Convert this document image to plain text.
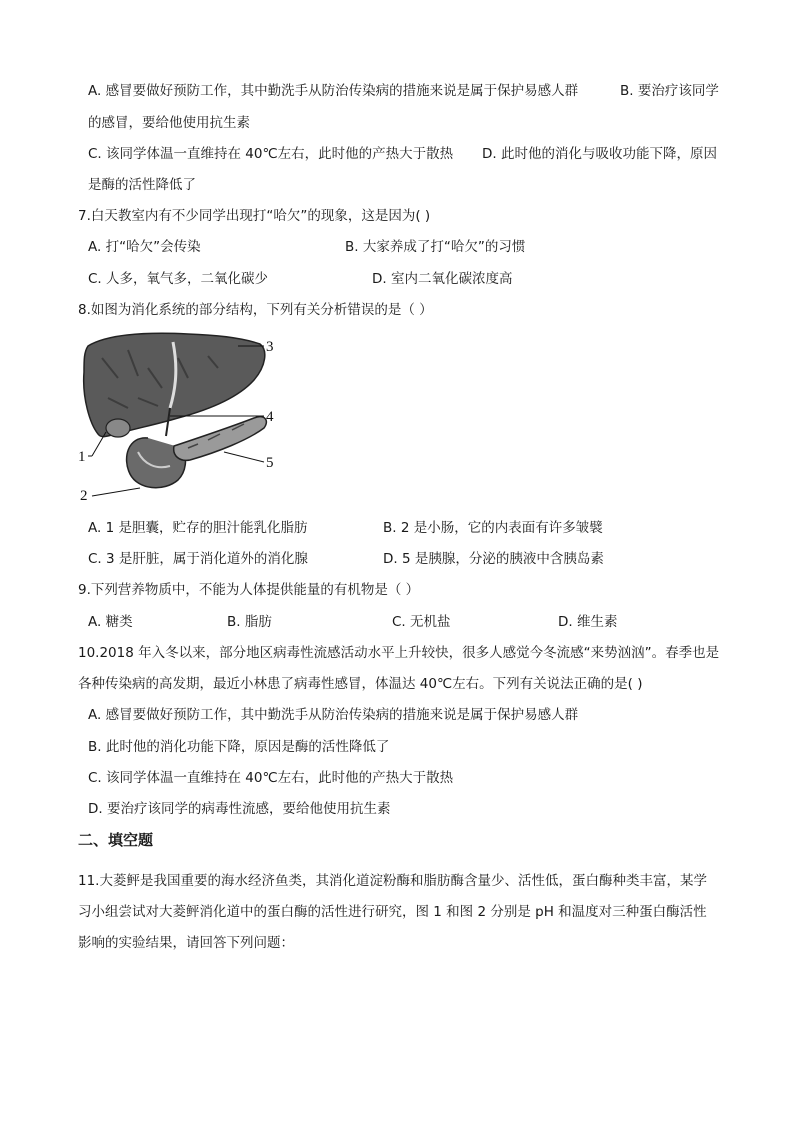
A. 感冒要做好预防工作，其中勤洗手从防治传染病的措施来说是属于保护易感人群	B. 要治疗该同学
的感冒，要给他使用抗生素
C. 该同学体温一直维持在 40℃左右，此时他的产热大于散热 D. 此时他的消化与吸收功能下降，原因
是酶的活性降低了
7.白天教室内有不少同学出现打“哈欠”的现象，这是因为( )
A. 打“哈欠”会传染	B. 大家养成了打“哈欠”的习惯
C. 人多，氧气多，二氧化碳少	D. 室内二氧化碳浓度高
8.如图为消化系统的部分结构，下列有关分析错误的是（ ）
3
4
5
1
2
A. 1 是胆囊，贮存的胆汁能乳化脂肪	B. 2 是小肠，它的内表面有许多皱襞
C. 3 是肝脏，属于消化道外的消化腺	D. 5 是胰腺，分泌的胰液中含胰岛素
9.下列营养物质中，不能为人体提供能量的有机物是（ ）
A. 糖类	B. 脂肪	C. 无机盐	D. 维生素
10.2018 年入冬以来，部分地区病毒性流感活动水平上升较快，很多人感觉今冬流感“来势汹汹”。春季也是
各种传染病的高发期，最近小林患了病毒性感冒，体温达 40℃左右。下列有关说法正确的是( )
A. 感冒要做好预防工作，其中勤洗手从防治传染病的措施来说是属于保护易感人群
B. 此时他的消化功能下降，原因是酶的活性降低了
C. 该同学体温一直维持在 40℃左右，此时他的产热大于散热
D. 要治疗该同学的病毒性流感，要给他使用抗生素
二、填空题
11.大菱鲆是我国重要的海水经济鱼类，其消化道淀粉酶和脂肪酶含量少、活性低，蛋白酶种类丰富，某学
习小组尝试对大菱鲆消化道中的蛋白酶的活性进行研究，图 1 和图 2 分别是 pH 和温度对三种蛋白酶活性
影响的实验结果，请回答下列问题：
